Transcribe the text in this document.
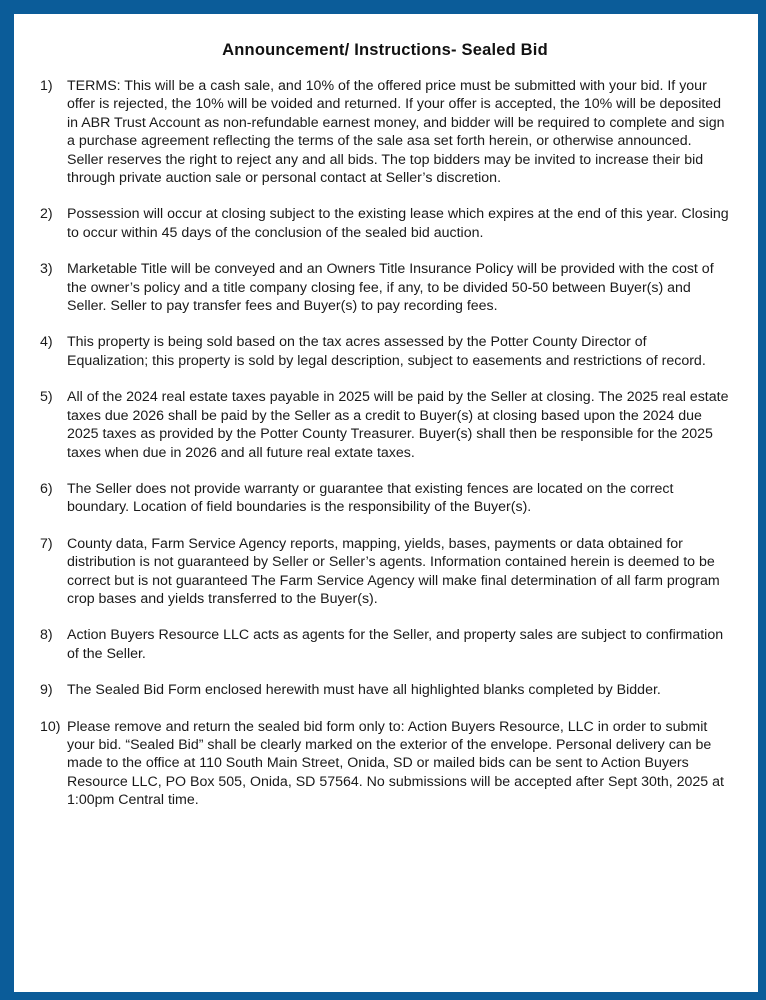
Announcement/ Instructions- Sealed Bid
1)	TERMS: This will be a cash sale, and 10% of the offered price must be submitted with your bid. If your offer is rejected, the 10% will be voided and returned. If your offer is accepted, the 10% will be deposited in ABR Trust Account as non-refundable earnest money, and bidder will be required to complete and sign a purchase agreement reflecting the terms of the sale asa set forth herein, or otherwise announced. Seller reserves the right to reject any and all bids. The top bidders may be invited to increase their bid through private auction sale or personal contact at Seller’s discretion.
2)	Possession will occur at closing subject to the existing lease which expires at the end of this year. Closing to occur within 45 days of the conclusion of the sealed bid auction.
3)	Marketable Title will be conveyed and an Owners Title Insurance Policy will be provided with the cost of the owner’s policy and a title company closing fee, if any, to be divided 50-50 between Buyer(s) and Seller. Seller to pay transfer fees and Buyer(s) to pay recording fees.
4)	This property is being sold based on the tax acres assessed by the Potter County Director of Equalization; this property is sold by legal description, subject to easements and restrictions of record.
5)	All of the 2024 real estate taxes payable in 2025 will be paid by the Seller at closing. The 2025 real estate taxes due 2026 shall be paid by the Seller as a credit to Buyer(s) at closing based upon the 2024 due 2025 taxes as provided by the Potter County Treasurer. Buyer(s) shall then be responsible for the 2025 taxes when due in 2026 and all future real extate taxes.
6)	The Seller does not provide warranty or guarantee that existing fences are located on the correct boundary. Location of field boundaries is the responsibility of the Buyer(s).
7)	County data, Farm Service Agency reports, mapping, yields, bases, payments or data obtained for distribution is not guaranteed by Seller or Seller’s agents. Information contained herein is deemed to be correct but is not guaranteed The Farm Service Agency will make final determination of all farm program crop bases and yields transferred to the Buyer(s).
8)	Action Buyers Resource LLC acts as agents for the Seller, and property sales are subject to confirmation of the Seller.
9)	The Sealed Bid Form enclosed herewith must have all highlighted blanks completed by Bidder.
10) Please remove and return the sealed bid form only to: Action Buyers Resource, LLC in order to submit your bid. “Sealed Bid” shall be clearly marked on the exterior of the envelope. Personal delivery can be made to the office at 110 South Main Street, Onida, SD or mailed bids can be sent to Action Buyers Resource LLC, PO Box 505, Onida, SD 57564. No submissions will be accepted after Sept 30th, 2025 at 1:00pm Central time.
